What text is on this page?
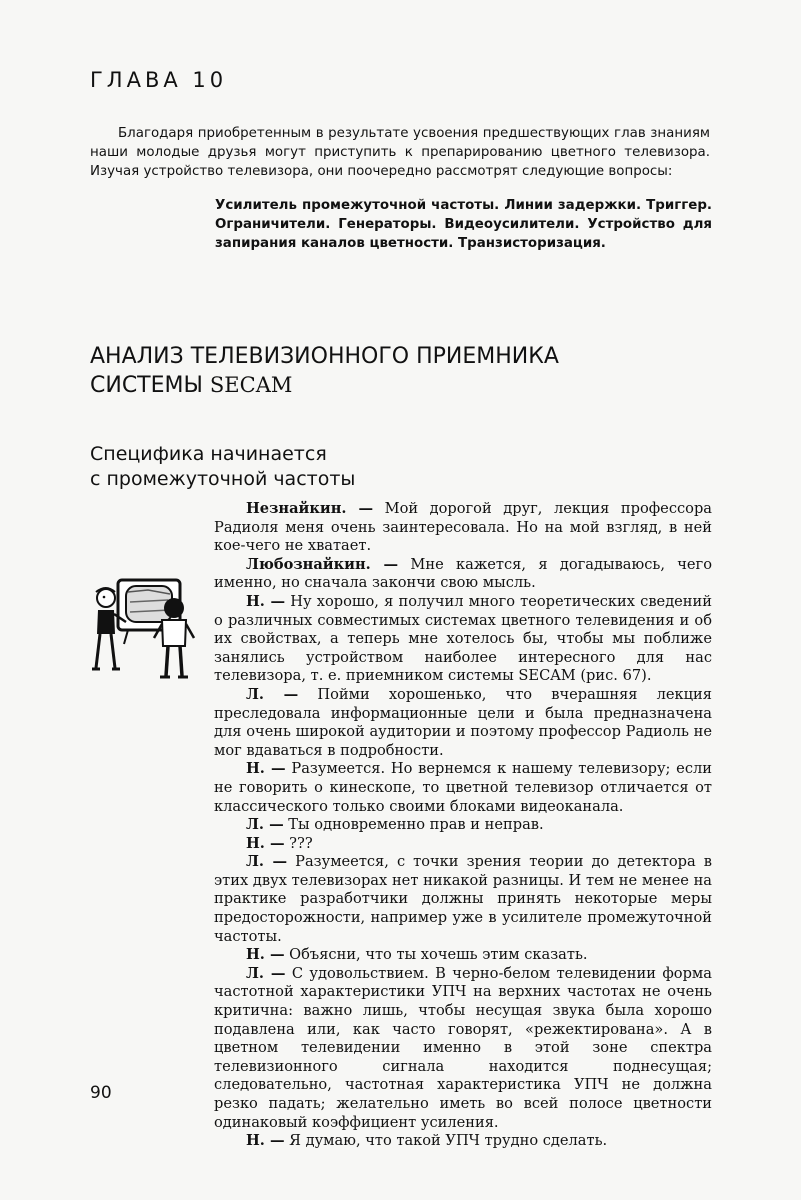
ГЛАВА 10

Благодаря приобретенным в результате усвоения предшествующих глав знаниям наши молодые друзья могут приступить к препарированию цветного телевизора. Изучая устройство телевизора, они поочередно рассмотрят следующие вопросы:

Усилитель промежуточной частоты. Линии задержки. Триггер. Ограничители. Генераторы. Видеоусилители. Устройство для запирания каналов цветности. Транзисторизация.

АНАЛИЗ ТЕЛЕВИЗИОННОГО ПРИЕМНИКА
СИСТЕМЫ SECAM
Специфика начинается
с промежуточной частоты

Незнайкин. — Мой дорогой друг, лекция профессора Радиоля меня очень заинтересовала. Но на мой взгляд, в ней кое-чего не хватает.

Любознайкин. — Мне кажется, я догадываюсь, чего именно, но сначала закончи свою мысль.

Н. — Ну хорошо, я получил много теоретических сведений о различных совместимых системах цветного телевидения и об их свойствах, а теперь мне хотелось бы, чтобы мы поближе занялись устройством наиболее интересного для нас телевизора, т. е. приемником системы SECAM (рис. 67).

Л. — Пойми хорошенько, что вчерашняя лекция преследовала информационные цели и была предназначена для очень широкой аудитории и поэтому профессор Радиоль не мог вдаваться в подробности.

Н. — Разумеется. Но вернемся к нашему телевизору; если не говорить о кинескопе, то цветной телевизор отличается от классического только своими блоками видеоканала.

Л. — Ты одновременно прав и неправ.

Н. — ???

Л. — Разумеется, с точки зрения теории до детектора в этих двух телевизорах нет никакой разницы. И тем не менее на практике разработчики должны принять некоторые меры предосторожности, например уже в усилителе промежуточной частоты.

Н. — Объясни, что ты хочешь этим сказать.

Л. — С удовольствием. В черно-белом телевидении форма частотной характеристики УПЧ на верхних частотах не очень критична: важно лишь, чтобы несущая звука была хорошо подавлена или, как часто говорят, «режектирована». А в цветном телевидении именно в этой зоне спектра телевизионного сигнала находится поднесущая; следовательно, частотная характеристика УПЧ не должна резко падать; желательно иметь во всей полосе цветности одинаковый коэффициент усиления.

Н. — Я думаю, что такой УПЧ трудно сделать.

90
